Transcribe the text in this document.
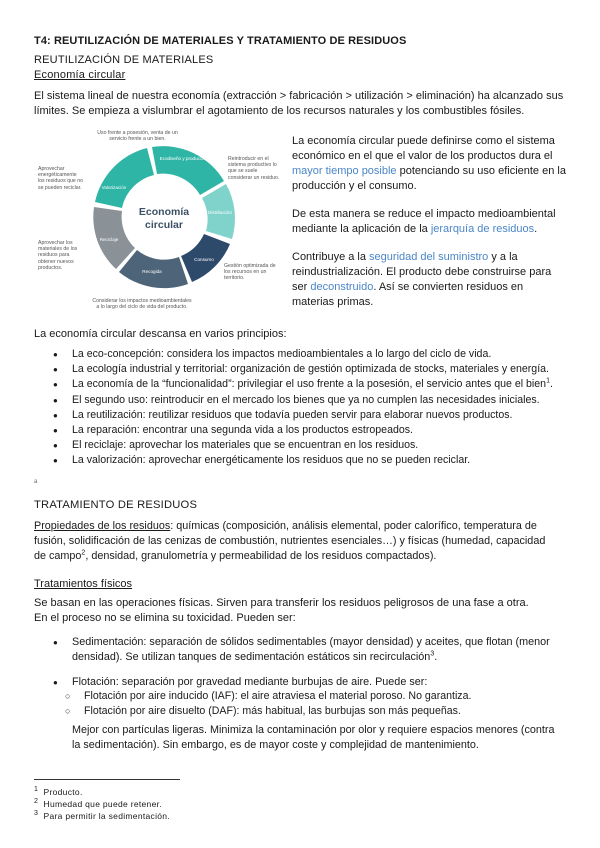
T4: REUTILIZACIÓN DE MATERIALES Y TRATAMIENTO DE RESIDUOS
REUTILIZACIÓN DE MATERIALES
Economía circular
El sistema lineal de nuestra economía (extracción > fabricación > utilización > eliminación) ha alcanzado sus
límites. Se empieza a vislumbrar el agotamiento de los recursos naturales y los combustibles fósiles.
Economía
circular
Ecodiseño y producción
Distribución
Consumo
Recogida
Reciclaje
Valorización
Uso frente a posesión, venta de un servicio frente a un bien.
Reintroducir en el sistema productivo lo que se suele considerar un residuo.
Aprovechar energéticamente los residuos que no se pueden reciclar.
Aprovechar los materiales de los residuos para obtener nuevos productos.	Gestión optimizada de los recursos en un territorio.
Considerar los impactos medioambientales a lo largo del ciclo de vida del producto.
La economía circular puede definirse como el sistema
económico en el que el valor de los productos dura el
mayor tiempo posible potenciando su uso eficiente en la
producción y el consumo.
De esta manera se reduce el impacto medioambiental
mediante la aplicación de la jerarquía de residuos.
Contribuye a la seguridad del suministro y a la
reindustrialización. El producto debe construirse para
ser deconstruido. Así se convierten residuos en
materias primas.
La economía circular descansa en varios principios:
● La eco-concepción: considera los impactos medioambientales a lo largo del ciclo de vida.
● La ecología industrial y territorial: organización de gestión optimizada de stocks, materiales y energía.
● La economía de la “funcionalidad”: privilegiar el uso frente a la posesión, el servicio antes que el bien$^1$.
● El segundo uso: reintroducir en el mercado los bienes que ya no cumplen las necesidades iniciales.
● La reutilización: reutilizar residuos que todavía pueden servir para elaborar nuevos productos.
● La reparación: encontrar una segunda vida a los productos estropeados.
● El reciclaje: aprovechar los materiales que se encuentran en los residuos.
● La valorización: aprovechar energéticamente los residuos que no se pueden reciclar.
a
TRATAMIENTO DE RESIDUOS
Propiedades de los residuos: químicas (composición, análisis elemental, poder calorífico, temperatura de
fusión, solidificación de las cenizas de combustión, nutrientes esenciales…) y físicas (humedad, capacidad
de campo$^2$, densidad, granulometría y permeabilidad de los residuos compactados).
Tratamientos físicos
Se basan en las operaciones físicas. Sirven para transferir los residuos peligrosos de una fase a otra.
En el proceso no se elimina su toxicidad. Pueden ser:
● Sedimentación: separación de sólidos sedimentables (mayor densidad) y aceites, que flotan (menor
densidad). Se utilizan tanques de sedimentación estáticos sin recirculación$^3$.
● Flotación: separación por gravedad mediante burbujas de aire. Puede ser:
○ Flotación por aire inducido (IAF): el aire atraviesa el material poroso. No garantiza.
○ Flotación por aire disuelto (DAF): más habitual, las burbujas son más pequeñas.
Mejor con partículas ligeras. Minimiza la contaminación por olor y requiere espacios menores (contra
la sedimentación). Sin embargo, es de mayor coste y complejidad de mantenimiento.
$^1$ Producto.
$^2$ Humedad que puede retener.
$^3$ Para permitir la sedimentación.
